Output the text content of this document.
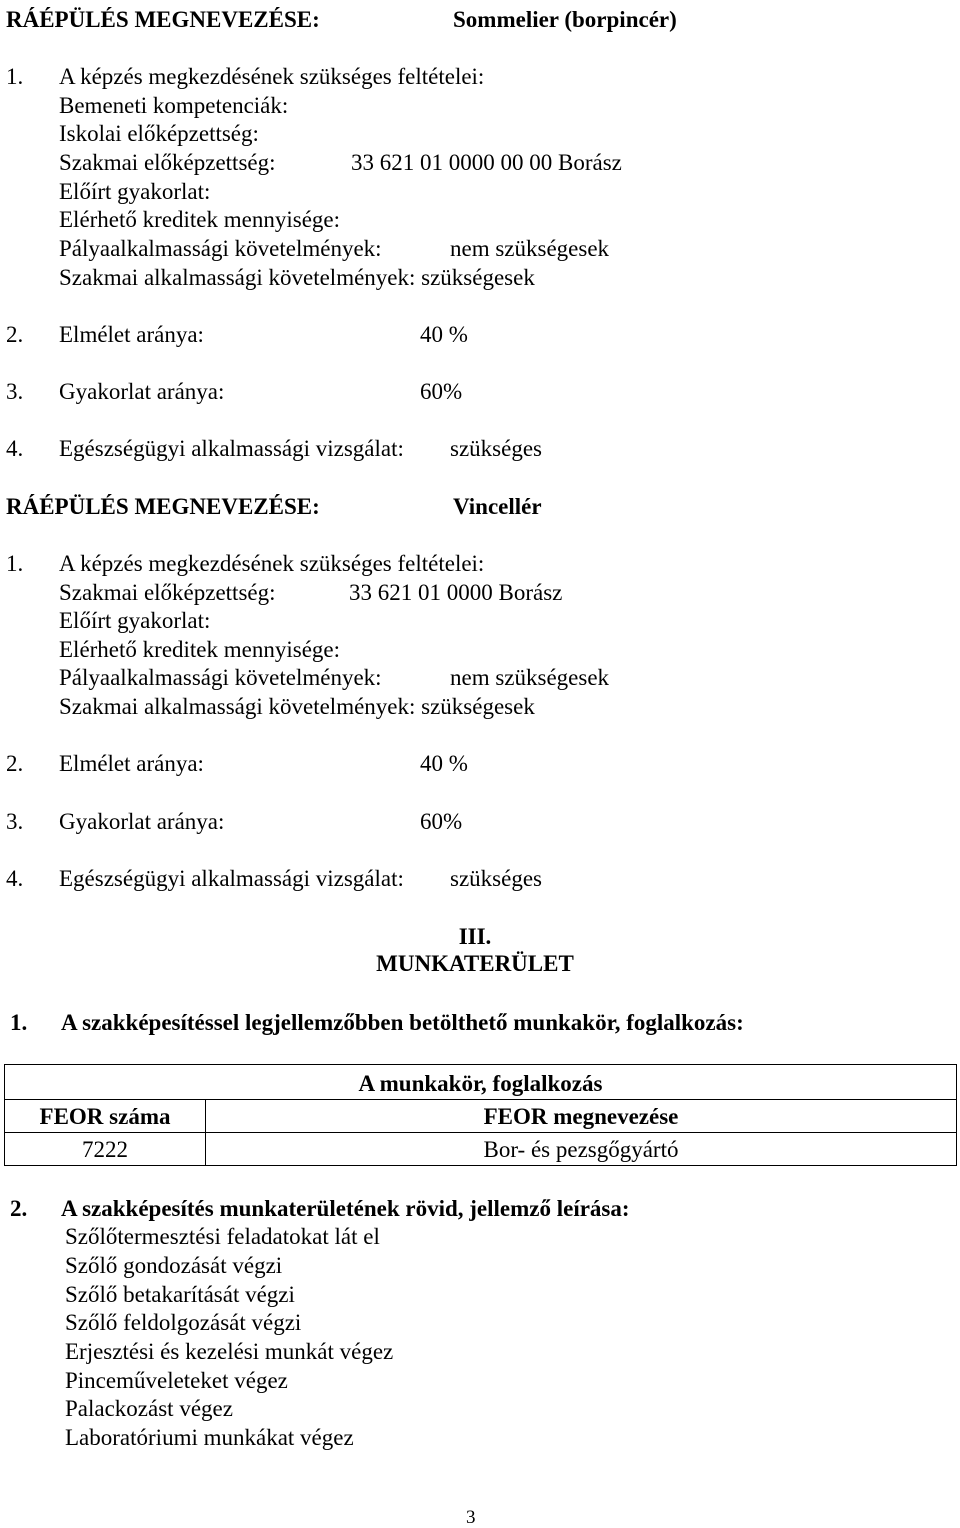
RÁÉPÜLÉS MEGNEVEZÉSE:	Sommelier (borpincér)
1. A képzés megkezdésének szükséges feltételei:
Bemeneti kompetenciák:
Iskolai előképzettség:
Szakmai előképzettség:	33 621 01 0000 00 00 Borász
Előírt gyakorlat:
Elérhető kreditek mennyisége:
Pályaalkalmassági követelmények:	nem szükségesek
Szakmai alkalmassági követelmények: szükségesek
2. Elmélet aránya:	40 %
3. Gyakorlat aránya:	60%
4. Egészségügyi alkalmassági vizsgálat: szükséges
RÁÉPÜLÉS MEGNEVEZÉSE:	Vincellér
1. A képzés megkezdésének szükséges feltételei:
Szakmai előképzettség:	33 621 01 0000 Borász
Előírt gyakorlat:
Elérhető kreditek mennyisége:
Pályaalkalmassági követelmények:	nem szükségesek
Szakmai alkalmassági követelmények: szükségesek
2. Elmélet aránya:	40 %
3. Gyakorlat aránya:	60%
4. Egészségügyi alkalmassági vizsgálat: szükséges
III.
MUNKATERÜLET
1. A szakképesítéssel legjellemzőbben betölthető munkakör, foglalkozás:
A munkakör, foglalkozás	
FEOR száma	FEOR megnevezése
7222	Bor- és pezsgőgyártó
2. A szakképesítés munkaterületének rövid, jellemző leírása:
Szőlőtermesztési feladatokat lát el
Szőlő gondozását végzi
Szőlő betakarítását végzi
Szőlő feldolgozását végzi
Erjesztési és kezelési munkát végez
Pinceműveleteket végez
Palackozást végez
Laboratóriumi munkákat végez
3
